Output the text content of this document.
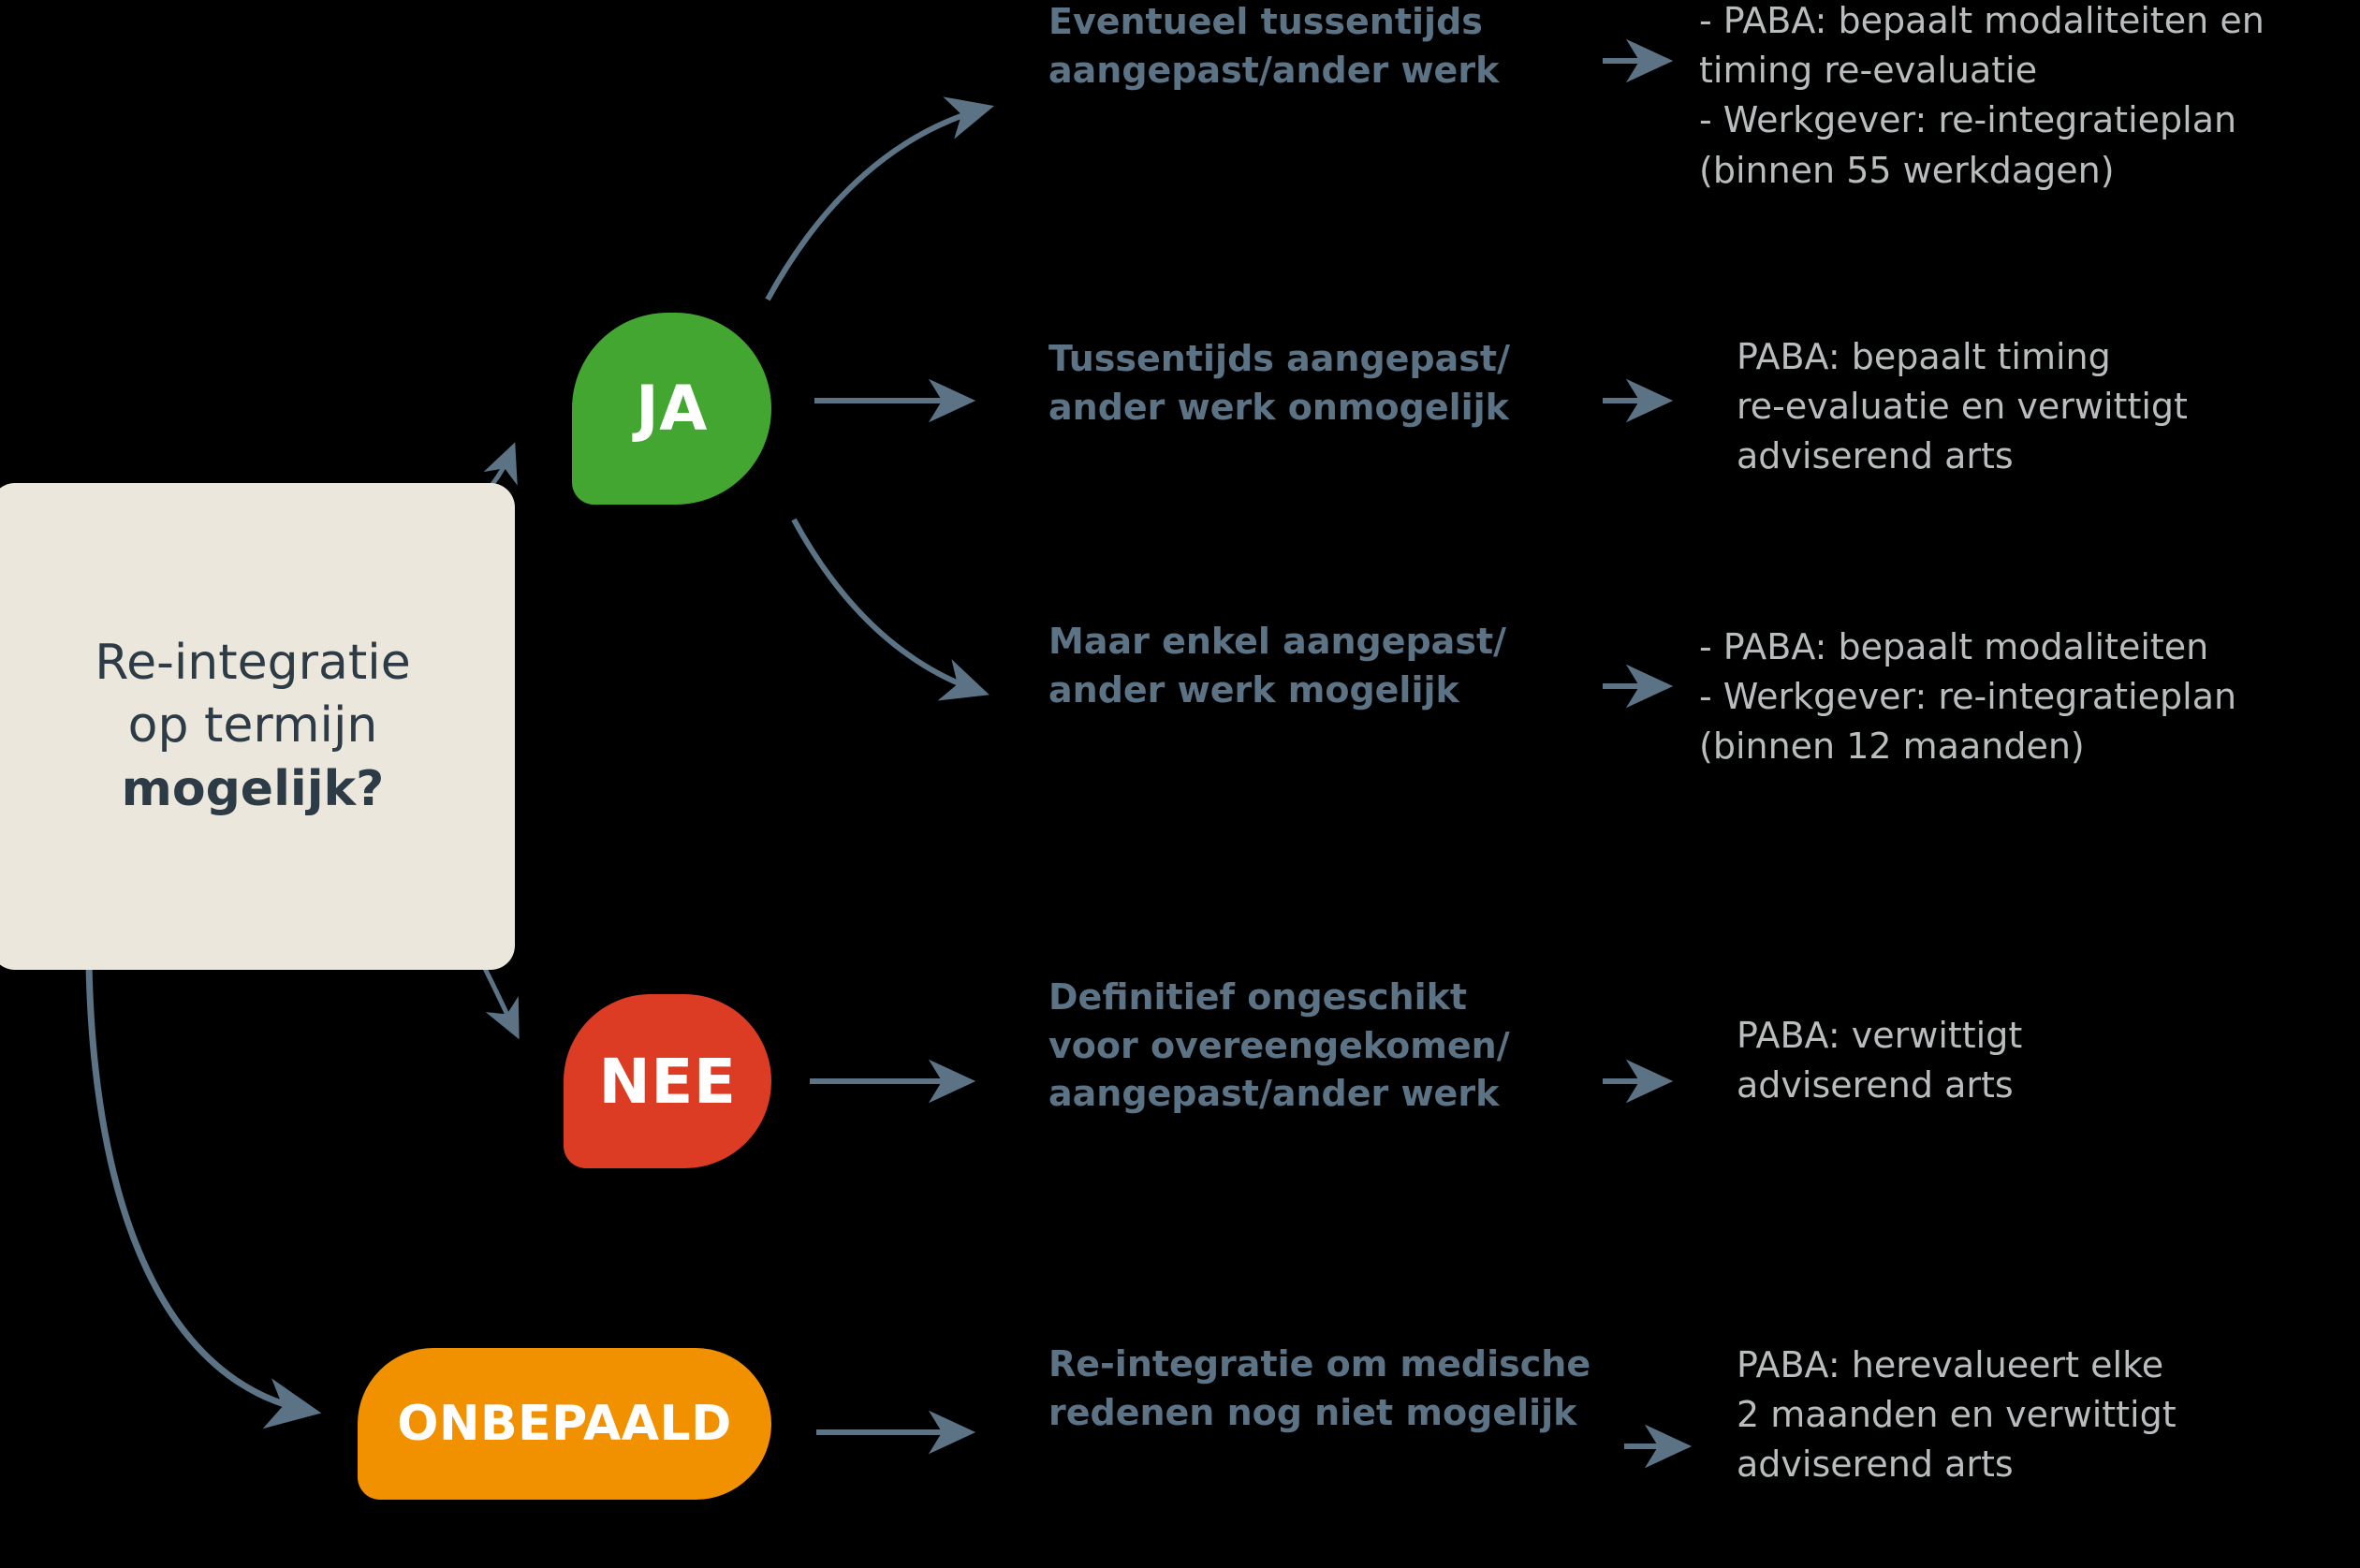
Re-integratie
op termijn
mogelijk?
JA
NEE
ONBEPAALD
Eventueel tussentijds
aangepast/ander werk
Tussentijds aangepast/
ander werk onmogelijk
Maar enkel aangepast/
ander werk mogelijk
Definitief ongeschikt
voor overeengekomen/
aangepast/ander werk
Re-integratie om medische
redenen nog niet mogelijk
- PABA: bepaalt modaliteiten en
timing re-evaluatie
- Werkgever: re-integratieplan
(binnen 55 werkdagen)
PABA: bepaalt timing
re-evaluatie en verwittigt
adviserend arts
- PABA: bepaalt modaliteiten
- Werkgever: re-integratieplan
(binnen 12 maanden)
PABA: verwittigt
adviserend arts
PABA: herevalueert elke
2 maanden en verwittigt
adviserend arts
